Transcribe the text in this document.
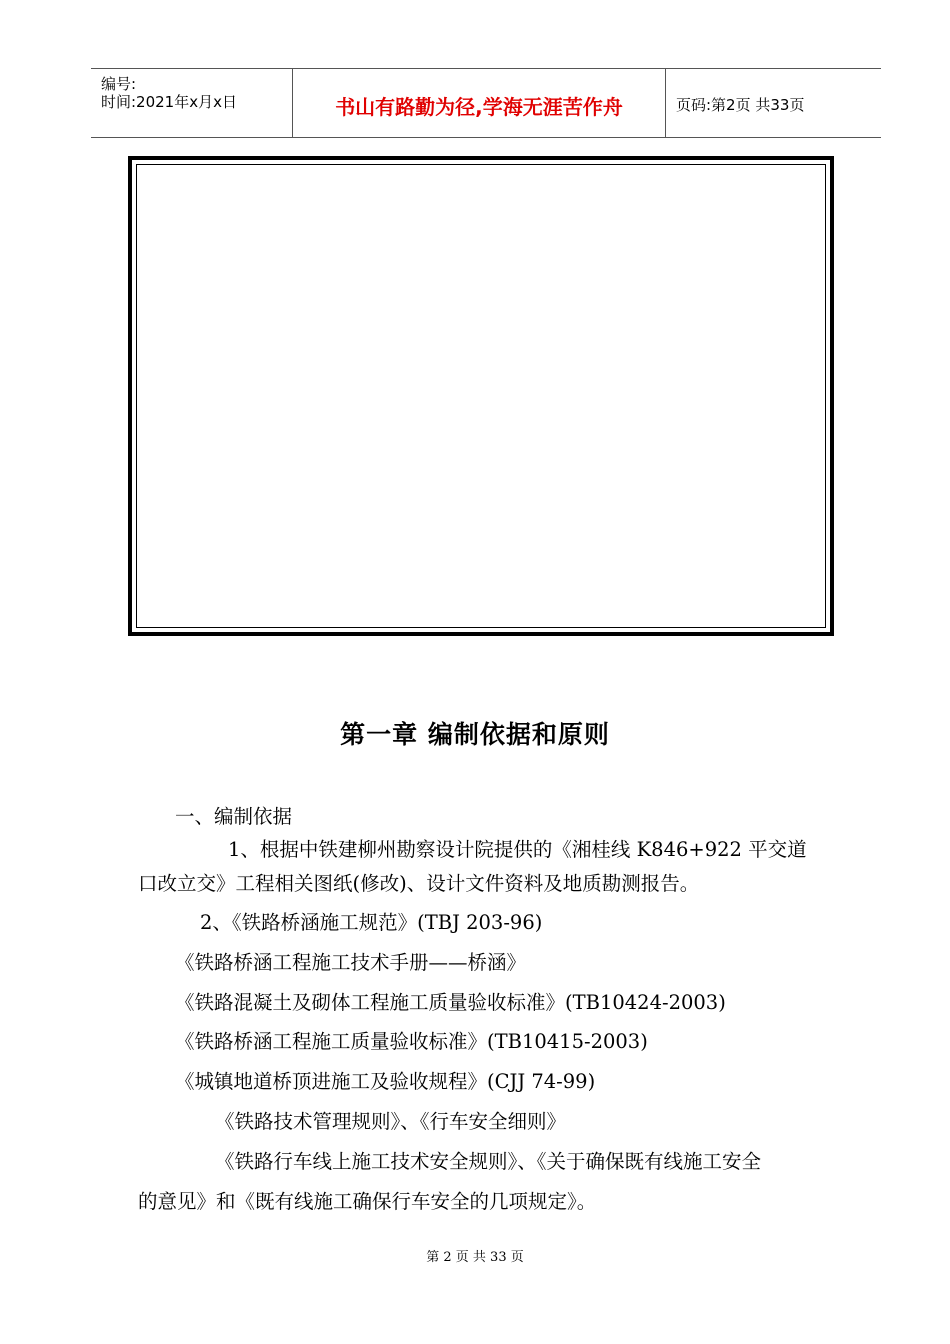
编号:
时间:2021年x月x日	书山有路勤为径,学海无涯苦作舟	页码:第2页 共33页
第一章 编制依据和原则
一、编制依据
1、根据中铁建柳州勘察设计院提供的《湘桂线 K846+922 平交道
口改立交》工程相关图纸(修改)、设计文件资料及地质勘测报告。
2、《铁路桥涵施工规范》(TBJ 203-96)
《铁路桥涵工程施工技术手册——桥涵》
《铁路混凝土及砌体工程施工质量验收标准》(TB10424-2003)
《铁路桥涵工程施工质量验收标准》(TB10415-2003)
《城镇地道桥顶进施工及验收规程》(CJJ 74-99)
《铁路技术管理规则》、《行车安全细则》
《铁路行车线上施工技术安全规则》、《关于确保既有线施工安全
的意见》和《既有线施工确保行车安全的几项规定》。
第 2 页 共 33 页
